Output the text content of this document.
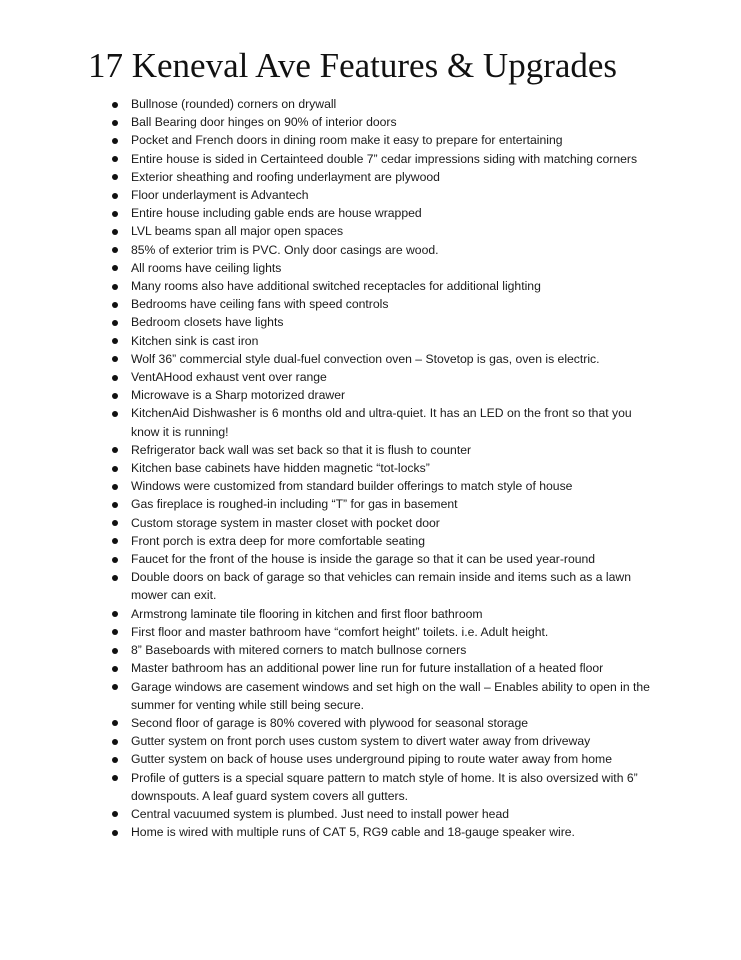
17 Keneval Ave Features & Upgrades
Bullnose (rounded) corners on drywall
Ball Bearing door hinges on 90% of interior doors
Pocket and French doors in dining room make it easy to prepare for entertaining
Entire house is sided in Certainteed double 7” cedar impressions siding with matching corners
Exterior sheathing and roofing underlayment are plywood
Floor underlayment is Advantech
Entire house including gable ends are house wrapped
LVL beams span all major open spaces
85% of exterior trim is PVC. Only door casings are wood.
All rooms have ceiling lights
Many rooms also have additional switched receptacles for additional lighting
Bedrooms have ceiling fans with speed controls
Bedroom closets have lights
Kitchen sink is cast iron
Wolf 36” commercial style dual-fuel convection oven – Stovetop is gas, oven is electric.
VentAHood exhaust vent over range
Microwave is a Sharp motorized drawer
KitchenAid Dishwasher is 6 months old and ultra-quiet. It has an LED on the front so that you know it is running!
Refrigerator back wall was set back so that it is flush to counter
Kitchen base cabinets have hidden magnetic “tot-locks”
Windows were customized from standard builder offerings to match style of house
Gas fireplace is roughed-in including “T” for gas in basement
Custom storage system in master closet with pocket door
Front porch is extra deep for more comfortable seating
Faucet for the front of the house is inside the garage so that it can be used year-round
Double doors on back of garage so that vehicles can remain inside and items such as a lawn mower can exit.
Armstrong laminate tile flooring in kitchen and first floor bathroom
First floor and master bathroom have “comfort height” toilets. i.e. Adult height.
8” Baseboards with mitered corners to match bullnose corners
Master bathroom has an additional power line run for future installation of a heated floor
Garage windows are casement windows and set high on the wall – Enables ability to open in the summer for venting while still being secure.
Second floor of garage is 80% covered with plywood for seasonal storage
Gutter system on front porch uses custom system to divert water away from driveway
Gutter system on back of house uses underground piping to route water away from home
Profile of gutters is a special square pattern to match style of home. It is also oversized with 6” downspouts. A leaf guard system covers all gutters.
Central vacuumed system is plumbed. Just need to install power head
Home is wired with multiple runs of CAT 5, RG9 cable and 18-gauge speaker wire.
